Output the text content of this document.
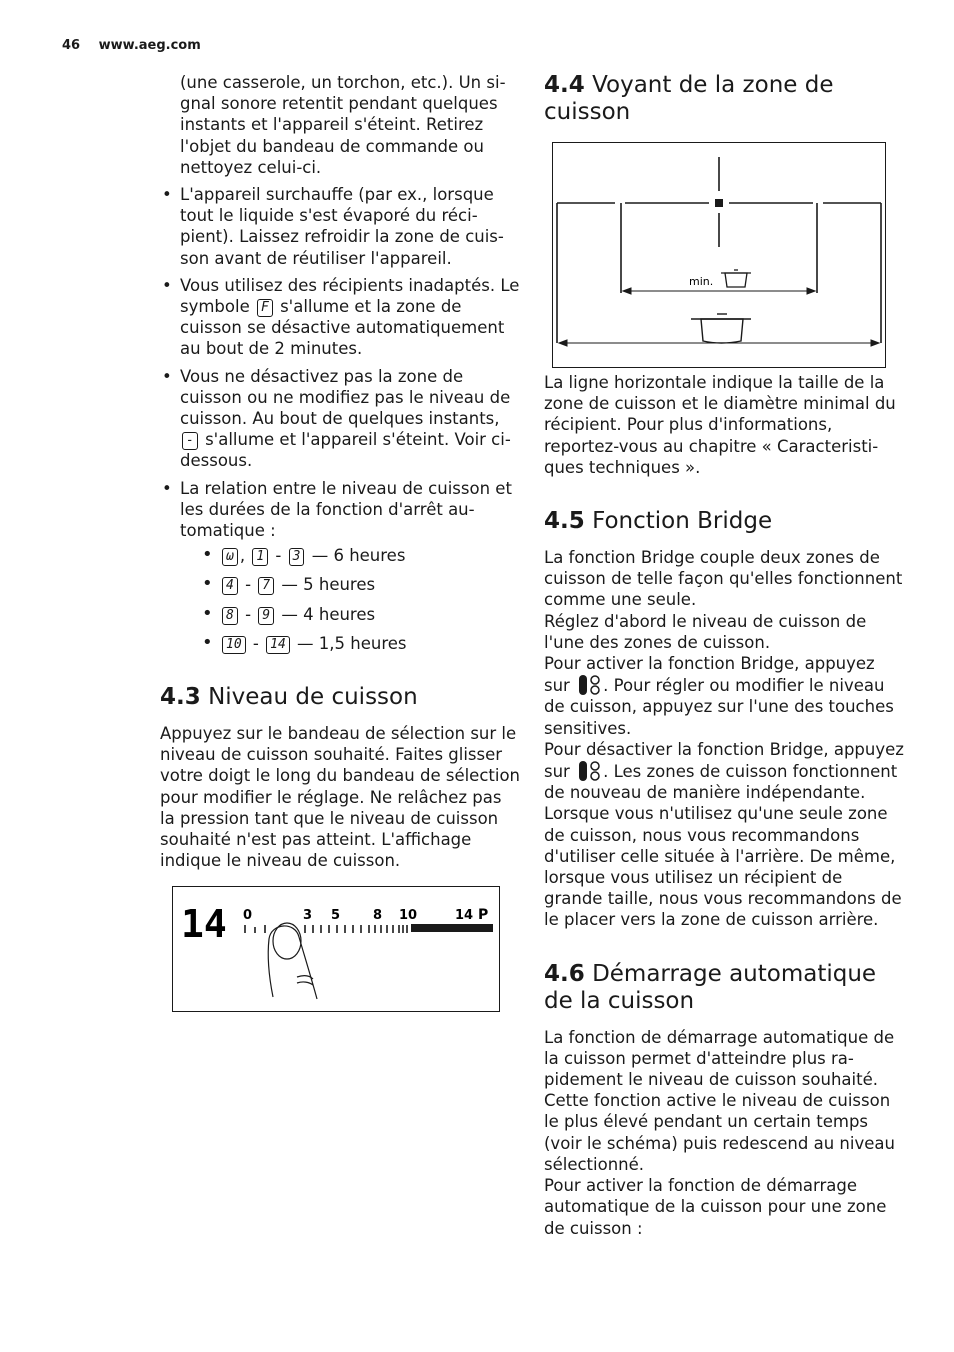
46 www.aeg.com

(une casserole, un torchon, etc.). Un signal sonore retentit pendant quelques instants et l'appareil s'éteint. Retirez l'objet du bandeau de commande ou nettoyez celui-ci.

• L'appareil surchauffe (par ex., lorsque tout le liquide s'est évaporé du récipient). Laissez refroidir la zone de cuisson avant de réutiliser l'appareil.
• Vous utilisez des récipients inadaptés. Le symbole F s'allume et la zone de cuisson se désactive automatiquement au bout de 2 minutes.
• Vous ne désactivez pas la zone de cuisson ou ne modifiez pas le niveau de cuisson. Au bout de quelques instants, - s'allume et l'appareil s'éteint. Voir ci-dessous.
• La relation entre le niveau de cuisson et les durées de la fonction d'arrêt automatique :
• ω , 1 - 3 — 6 heures
• 4 - 7 — 5 heures
• 8 - 9 — 4 heures
• 10 - 14 — 1,5 heures
4.3 Niveau de cuisson

Appuyez sur le bandeau de sélection sur le niveau de cuisson souhaité. Faites glisser votre doigt le long du bandeau de sélection pour modifier le réglage. Ne relâchez pas la pression tant que le niveau de cuisson souhaité n'est pas atteint. L'affichage indique le niveau de cuisson.

14 0	3 5	8 10	14 P
4.4 Voyant de la zone de cuisson
min.

La ligne horizontale indique la taille de la zone de cuisson et le diamètre minimal du récipient. Pour plus d'informations, reportez-vous au chapitre « Caracteristiques techniques ».

4.5 Fonction Bridge

La fonction Bridge couple deux zones de cuisson de telle façon qu'elles fonctionnent comme une seule.

Réglez d'abord le niveau de cuisson de l'une des zones de cuisson.

Pour activer la fonction Bridge, appuyez sur . Pour régler ou modifier le niveau de cuisson, appuyez sur l'une des touches sensitives.

Pour désactiver la fonction Bridge, appuyez sur . Les zones de cuisson fonctionnent de nouveau de manière indépendante.

Lorsque vous n'utilisez qu'une seule zone de cuisson, nous vous recommandons d'utiliser celle située à l'arrière. De même, lorsque vous utilisez un récipient de grande taille, nous vous recommandons de le placer vers la zone de cuisson arrière.

4.6 Démarrage automatique de la cuisson

La fonction de démarrage automatique de la cuisson permet d'atteindre plus rapidement le niveau de cuisson souhaité. Cette fonction active le niveau de cuisson le plus élevé pendant un certain temps (voir le schéma) puis redescend au niveau sélectionné.

Pour activer la fonction de démarrage automatique de la cuisson pour une zone de cuisson :
